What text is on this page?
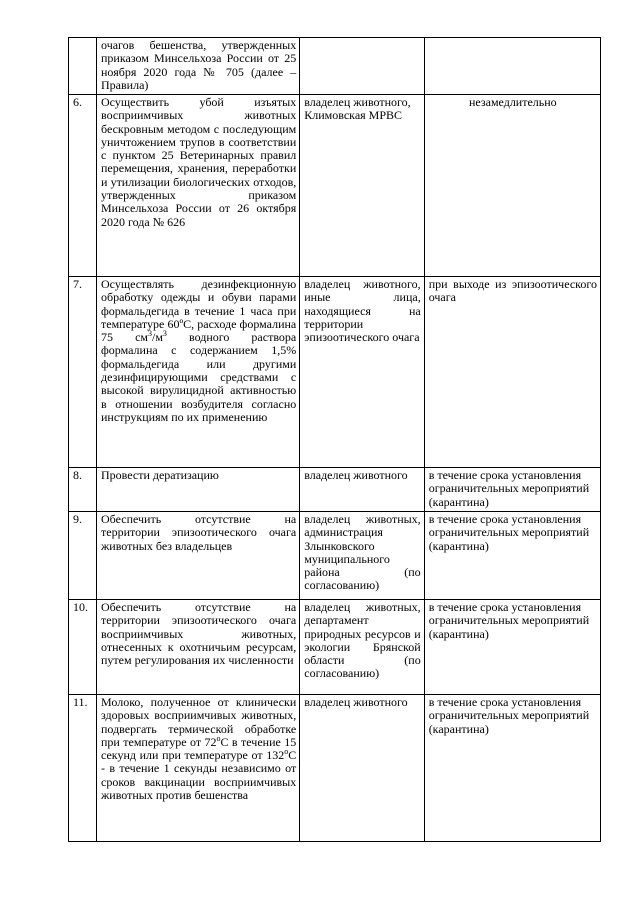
	очагов бешенства, утвержденных приказом Минсельхоза России от 25 ноября 2020 года № 705 (далее – Правила)		
6.	Осуществить убой изъятых восприимчивых животных бескровным методом с последующим уничтожением трупов в соответствии с пунктом 25 Ветеринарных правил перемещения, хранения, переработки и утилизации биологических отходов, утвержденных приказом Минсельхоза России от 26 октября 2020 года № 626	владелец животного, Климовская МРВС	незамедлительно
7.	Осуществлять дезинфекционную обработку одежды и обуви парами формальдегида в течение 1 часа при температуре 60ºС, расходе формалина 75 $см^3/м^3$ водного раствора формалина с содержанием 1,5% формальдегида или другими дезинфицирующими средствами с высокой вирулицидной активностью в отношении возбудителя согласно инструкциям по их применению	владелец животного, иные лица, находящиеся на территории эпизоотического очага	при выходе из эпизоотического очага
8.	Провести дератизацию	владелец животного	в течение срока установления ограничительных мероприятий (карантина)
9.	Обеспечить отсутствие на территории эпизоотического очага животных без владельцев	владелец животных, администрация Злынковского муниципального района (по согласованию)	в течение срока установления ограничительных мероприятий (карантина)
10.	Обеспечить отсутствие на территории эпизоотического очага восприимчивых животных, отнесенных к охотничьим ресурсам, путем регулирования их численности	владелец животных, департамент природных ресурсов и экологии Брянской области (по согласованию)	в течение срока установления ограничительных мероприятий (карантина)
11.	Молоко, полученное от клинически здоровых восприимчивых животных, подвергать термической обработке при температуре от $72^оС$ в течение 15 секунд или при температуре от $132^оС$ - в течение 1 секунды независимо от сроков вакцинации восприимчивых животных против бешенства	владелец животного	в течение срока установления ограничительных мероприятий (карантина)
